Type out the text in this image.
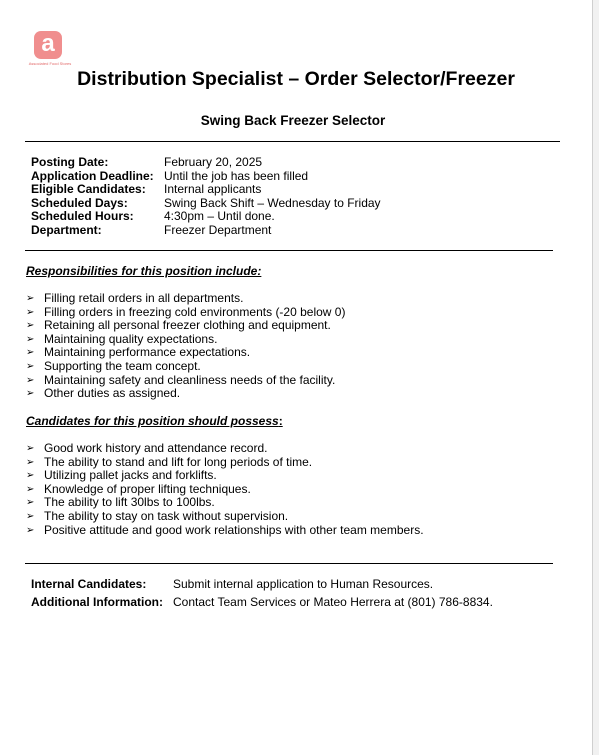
a
Associated Food Stores
Distribution Specialist – Order Selector/Freezer
Swing Back Freezer Selector
Posting Date:	February 20, 2025
Application Deadline: Until the job has been filled
Eligible Candidates:	Internal applicants
Scheduled Days:	Swing Back Shift – Wednesday to Friday
Scheduled Hours:	4:30pm – Until done.
Department:	Freezer Department
Responsibilities for this position include:
➢ Filling retail orders in all departments.
➢ Filling orders in freezing cold environments (-20 below 0)
➢ Retaining all personal freezer clothing and equipment.
➢ Maintaining quality expectations.
➢ Maintaining performance expectations.
➢ Supporting the team concept.
➢ Maintaining safety and cleanliness needs of the facility.
➢ Other duties as assigned.
Candidates for this position should possess:
➢ Good work history and attendance record.
➢ The ability to stand and lift for long periods of time.
➢ Utilizing pallet jacks and forklifts.
➢ Knowledge of proper lifting techniques.
➢ The ability to lift 30lbs to 100lbs.
➢ The ability to stay on task without supervision.
➢ Positive attitude and good work relationships with other team members.
Internal Candidates:	Submit internal application to Human Resources.
Additional Information: Contact Team Services or Mateo Herrera at (801) 786-8834.
